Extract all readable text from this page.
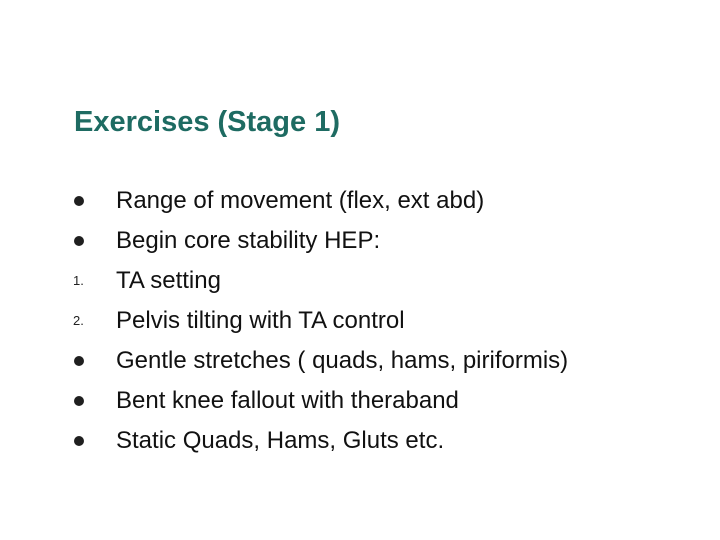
Exercises (Stage 1)
Range of movement (flex, ext abd)
Begin core stability HEP:
1.	TA setting
2.	Pelvis tilting with TA control
Gentle stretches ( quads, hams, piriformis)
Bent knee fallout with theraband
Static Quads, Hams, Gluts etc.
